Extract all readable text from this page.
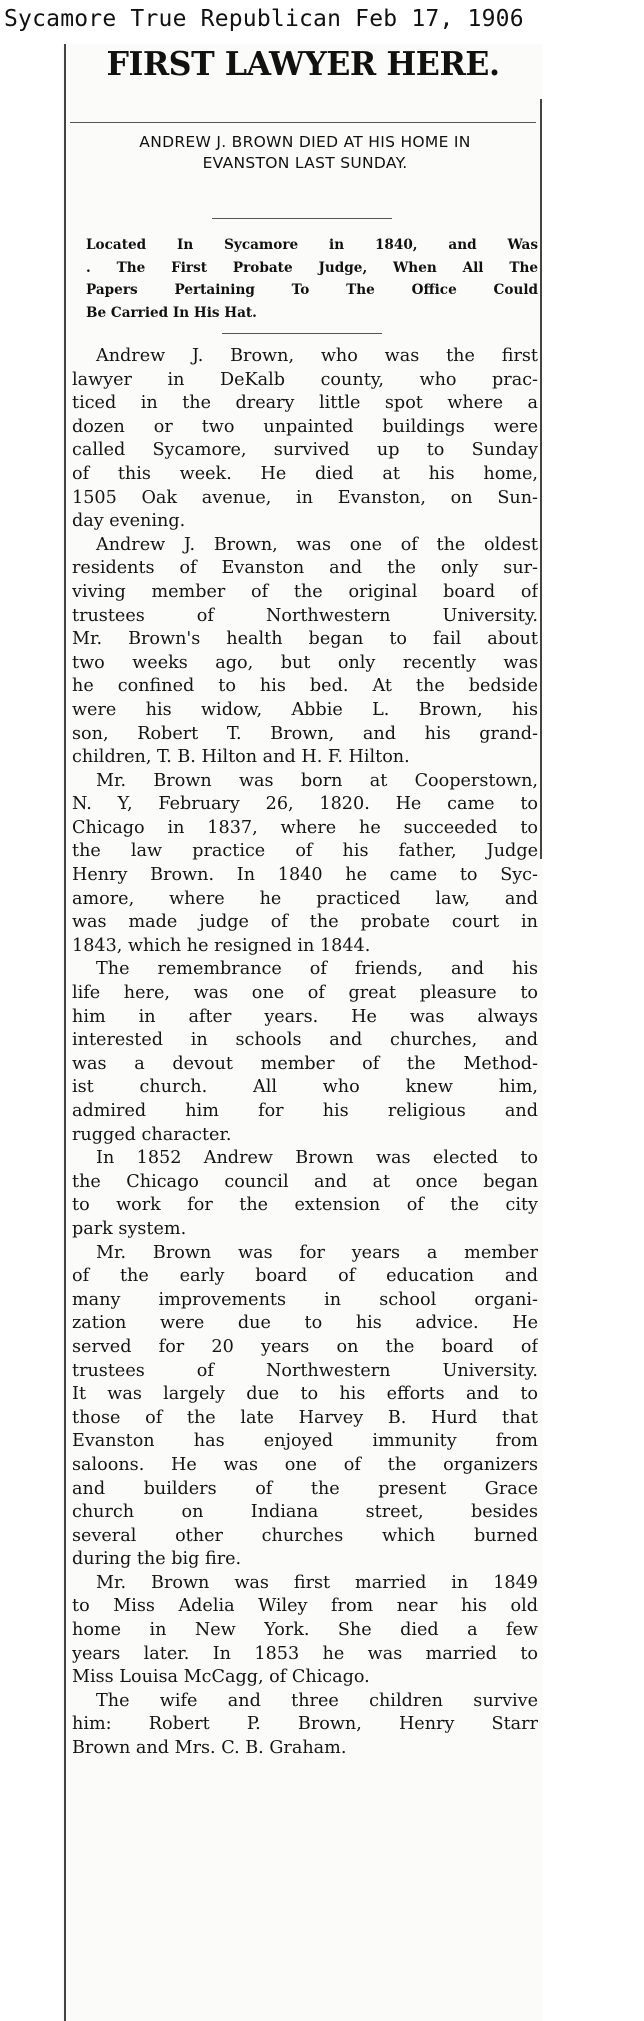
Sycamore True Republican Feb 17, 1906
FIRST LAWYER HERE.
ANDREW J. BROWN DIED AT HIS HOME IN
EVANSTON LAST SUNDAY.
Located In Sycamore in 1840, and Was
. The First Probate Judge, When All The
Papers Pertaining To The Office Could
Be Carried In His Hat.
Andrew J. Brown, who was the first
lawyer in DeKalb county, who prac-
ticed in the dreary little spot where a
dozen or two unpainted buildings were
called Sycamore, survived up to Sunday
of this week. He died at his home,
1505 Oak avenue, in Evanston, on Sun-
day evening.
Andrew J. Brown, was one of the oldest
residents of Evanston and the only sur-
viving member of the original board of
trustees of Northwestern University.
Mr. Brown's health began to fail about
two weeks ago, but only recently was
he confined to his bed. At the bedside
were his widow, Abbie L. Brown, his
son, Robert T. Brown, and his grand-
children, T. B. Hilton and H. F. Hilton.
Mr. Brown was born at Cooperstown,
N. Y, February 26, 1820. He came to
Chicago in 1837, where he succeeded to
the law practice of his father, Judge
Henry Brown. In 1840 he came to Syc-
amore, where he practiced law, and
was made judge of the probate court in
1843, which he resigned in 1844.
The remembrance of friends, and his
life here, was one of great pleasure to
him in after years. He was always
interested in schools and churches, and
was a devout member of the Method-
ist church. All who knew him,
admired him for his religious and
rugged character.
In 1852 Andrew Brown was elected to
the Chicago council and at once began
to work for the extension of the city
park system.
Mr. Brown was for years a member
of the early board of education and
many improvements in school organi-
zation were due to his advice. He
served for 20 years on the board of
trustees of Northwestern University.
It was largely due to his efforts and to
those of the late Harvey B. Hurd that
Evanston has enjoyed immunity from
saloons. He was one of the organizers
and builders of the present Grace
church on Indiana street, besides
several other churches which burned
during the big fire.
Mr. Brown was first married in 1849
to Miss Adelia Wiley from near his old
home in New York. She died a few
years later. In 1853 he was married to
Miss Louisa McCagg, of Chicago.
The wife and three children survive
him: Robert P. Brown, Henry Starr
Brown and Mrs. C. B. Graham.
